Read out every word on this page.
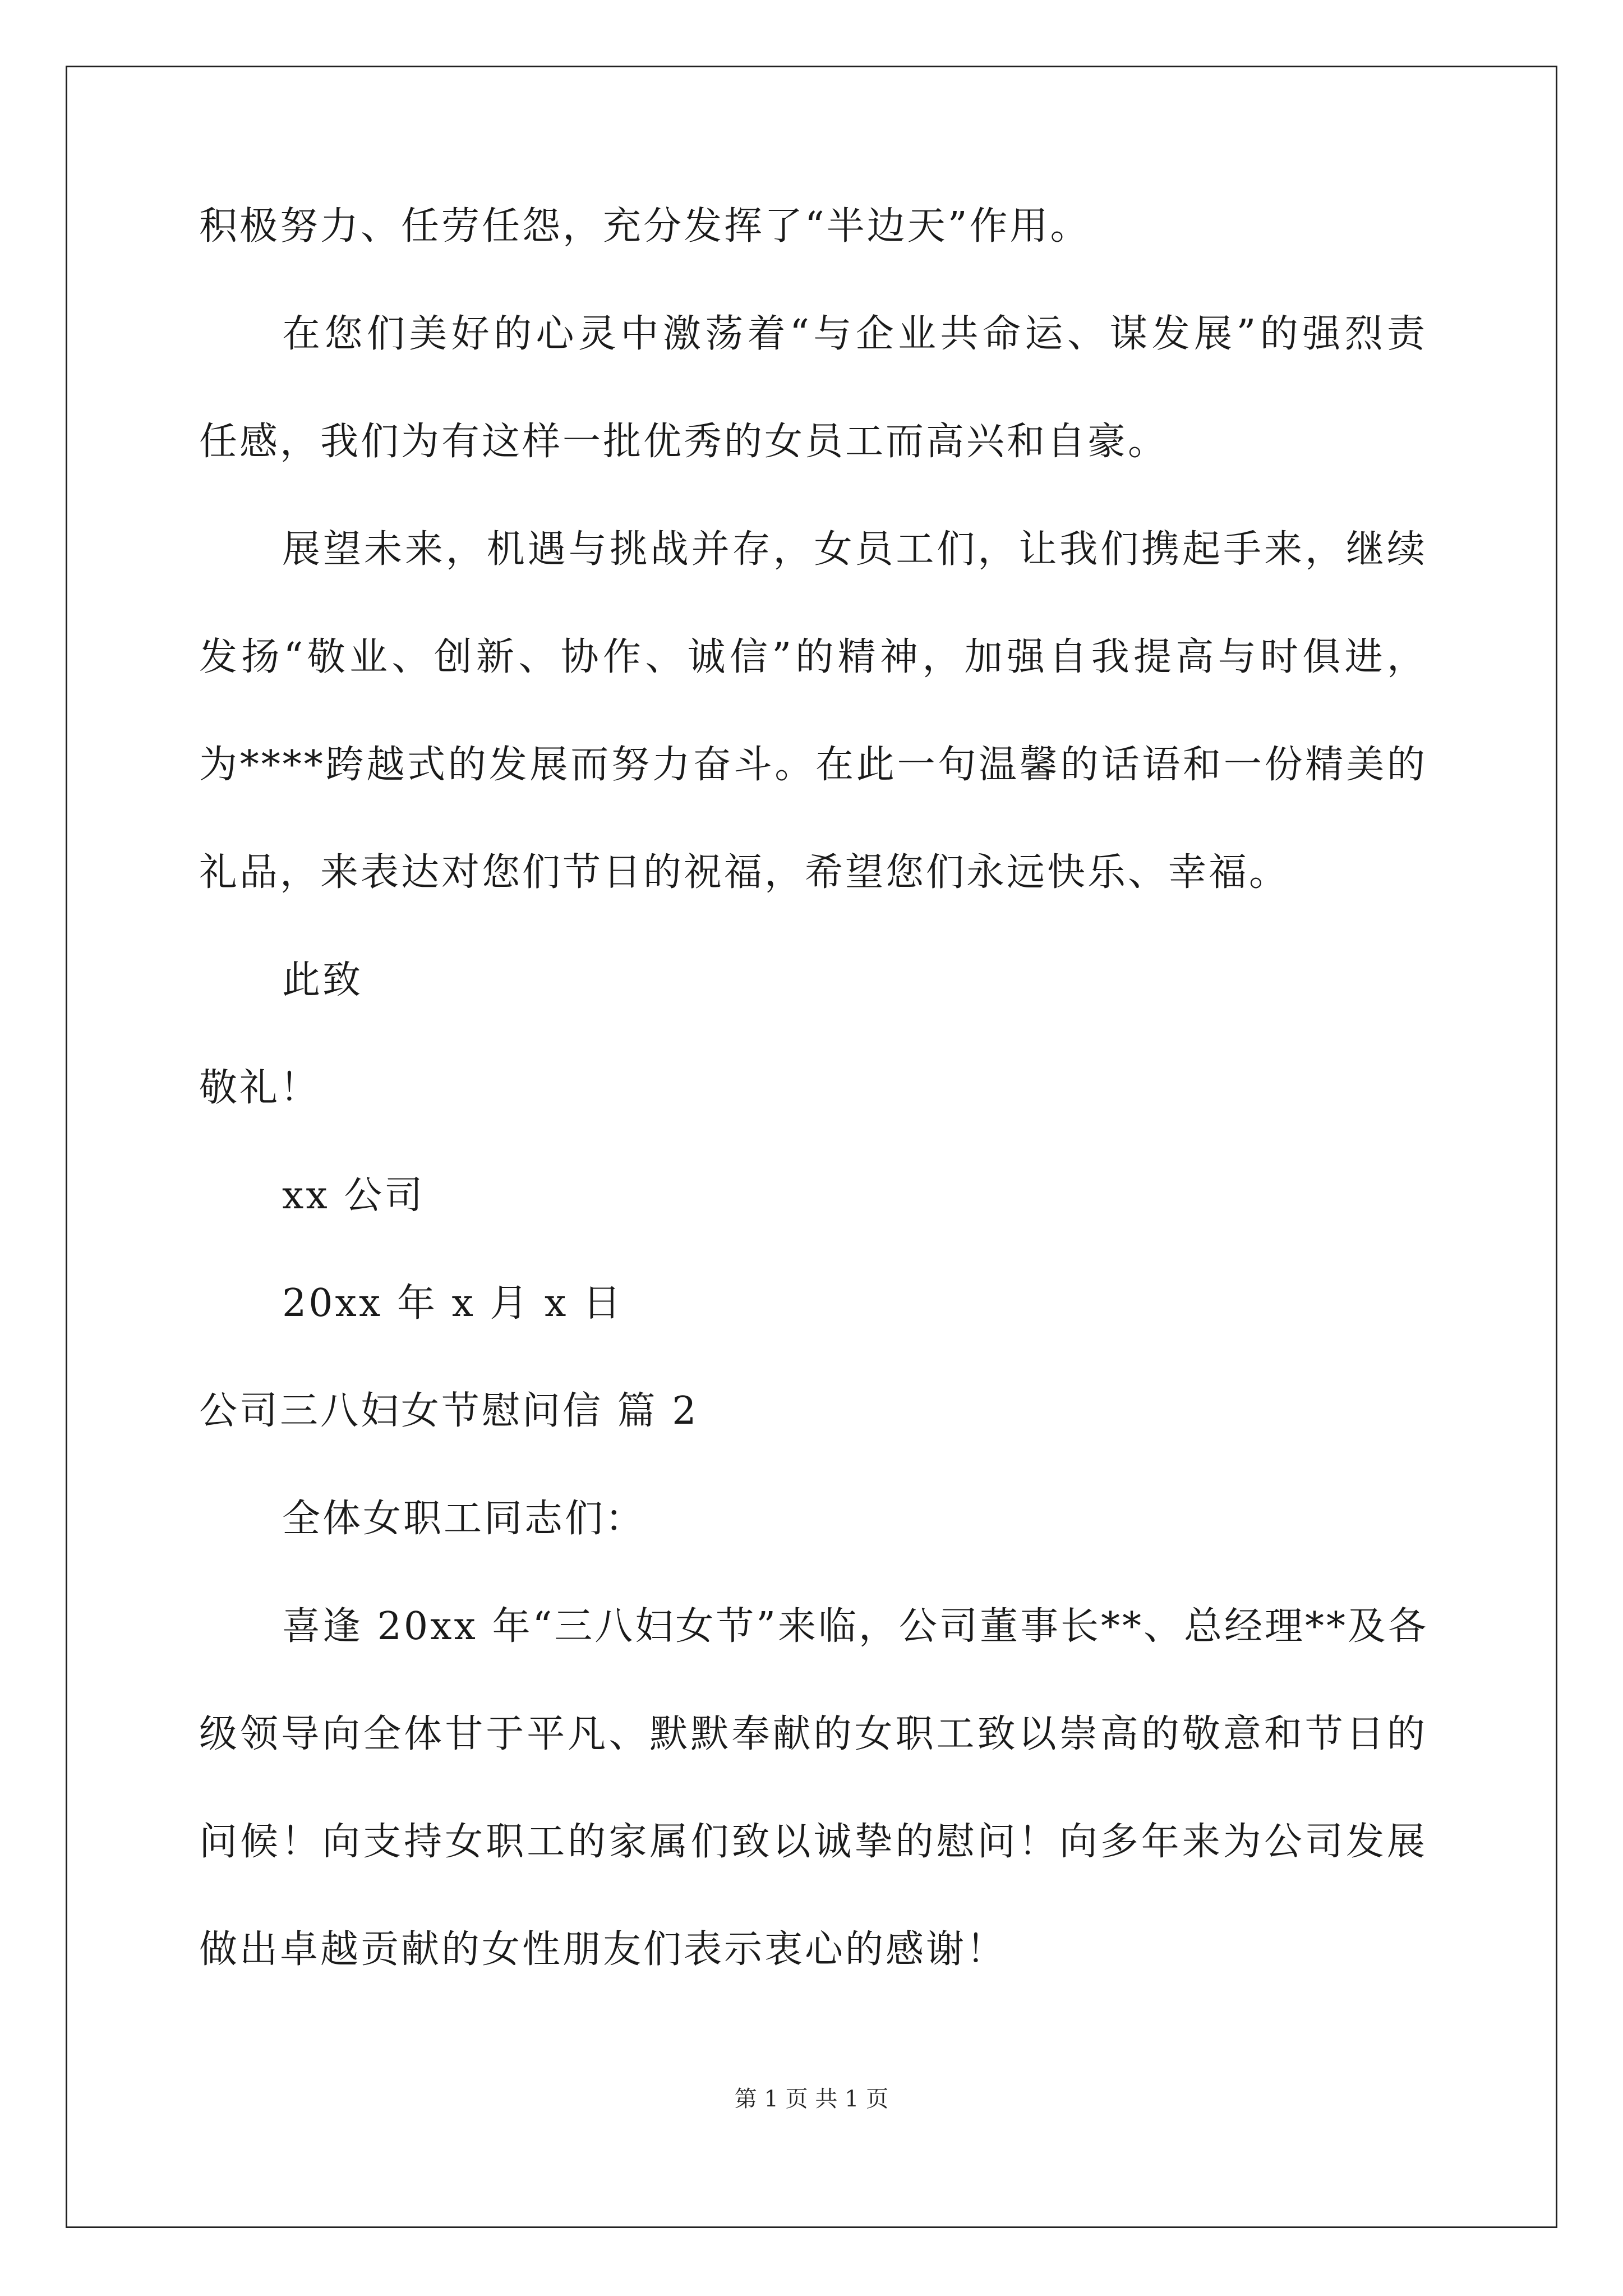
积极努力、任劳任怨，充分发挥了“半边天”作用。
在您们美好的心灵中激荡着“与企业共命运、谋发展”的强烈责
任感，我们为有这样一批优秀的女员工而高兴和自豪。
展望未来，机遇与挑战并存，女员工们，让我们携起手来，继续
发扬“敬业、创新、协作、诚信”的精神，加强自我提高与时俱进，
为****跨越式的发展而努力奋斗。在此一句温馨的话语和一份精美的
礼品，来表达对您们节日的祝福，希望您们永远快乐、幸福。
此致
敬礼！
xx 公司
20xx 年 x 月 x 日
公司三八妇女节慰问信 篇 2
全体女职工同志们：
喜逢 20xx 年“三八妇女节”来临，公司董事长**、总经理**及各
级领导向全体甘于平凡、默默奉献的女职工致以崇高的敬意和节日的
问候！向支持女职工的家属们致以诚挚的慰问！向多年来为公司发展
做出卓越贡献的女性朋友们表示衷心的感谢！
第 1 页 共 1 页
